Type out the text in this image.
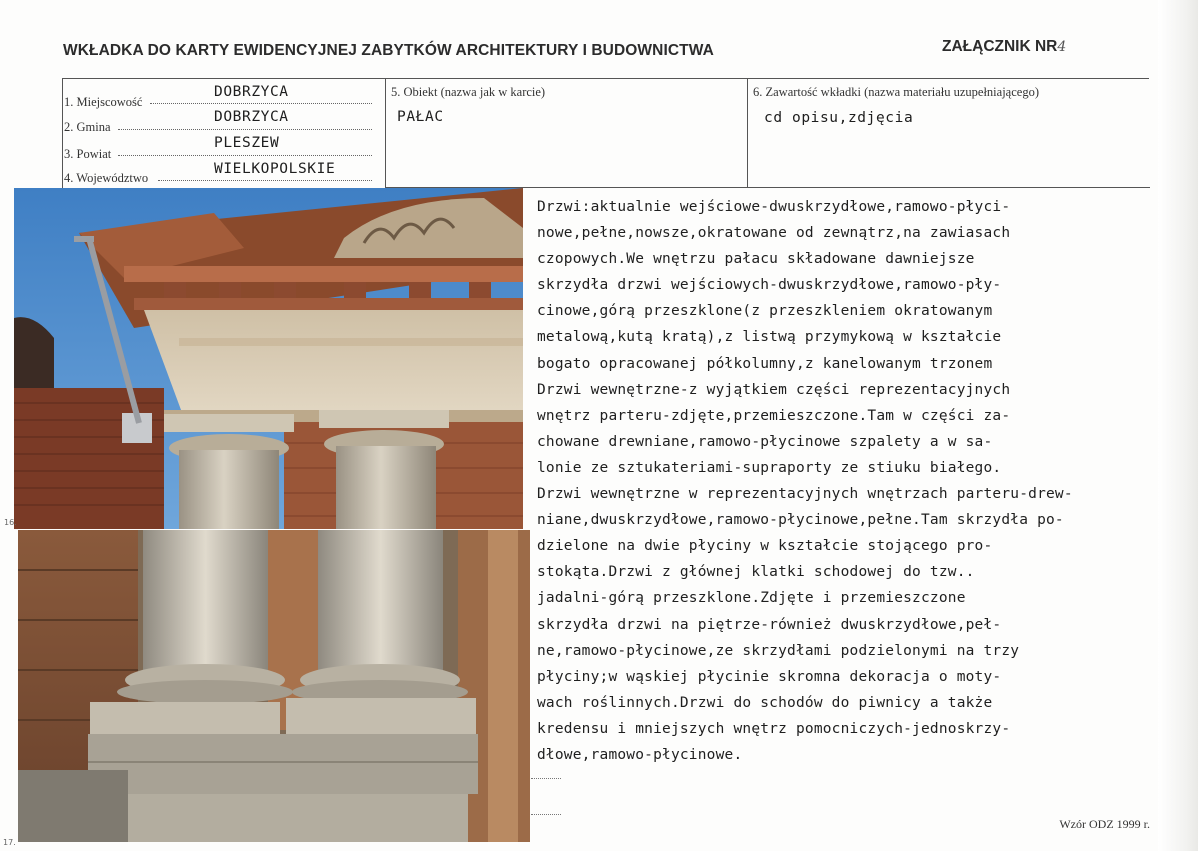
WKŁADKA DO KARTY EWIDENCYJNEJ ZABYTKÓW ARCHITEKTURY I BUDOWNICTWA	ZAŁĄCZNIK NR4
1. Miejscowość
DOBRZYCA
2. Gmina
DOBRZYCA
3. Powiat
PLESZEW
4. Województwo
WIELKOPOLSKIE
5. Obiekt (nazwa jak w karcie)
PAŁAC
6. Zawartość wkładki (nazwa materiału uzupełniającego)
cd opisu,zdjęcia
16.
17.
Drzwi:aktualnie wejściowe-dwuskrzydłowe,ramowo-płyci-
nowe,pełne,nowsze,okratowane od zewnątrz,na zawiasach
czopowych.We wnętrzu pałacu składowane dawniejsze
skrzydła drzwi wejściowych-dwuskrzydłowe,ramowo-pły-
cinowe,górą przeszklone(z przeszkleniem okratowanym
metalową,kutą kratą),z listwą przymykową w kształcie
bogato opracowanej półkolumny,z kanelowanym trzonem
Drzwi wewnętrzne-z wyjątkiem części reprezentacyjnych
wnętrz parteru-zdjęte,przemieszczone.Tam w części za-
chowane drewniane,ramowo-płycinowe szpalety a w sa-
lonie ze sztukateriami-supraporty ze stiuku białego.
Drzwi wewnętrzne w reprezentacyjnych wnętrzach parteru-drew-
niane,dwuskrzydłowe,ramowo-płycinowe,pełne.Tam skrzydła po-
dzielone na dwie płyciny w kształcie stojącego pro-
stokąta.Drzwi z głównej klatki schodowej do tzw..
jadalni-górą przeszklone.Zdjęte i przemieszczone
skrzydła drzwi na piętrze-również dwuskrzydłowe,peł-
ne,ramowo-płycinowe,ze skrzydłami podzielonymi na trzy
płyciny;w wąskiej płycinie skromna dekoracja o moty-
wach roślinnych.Drzwi do schodów do piwnicy a także
kredensu i mniejszych wnętrz pomocniczych-jednoskrzy-
dłowe,ramowo-płycinowe.
Wzór ODZ 1999 r.
